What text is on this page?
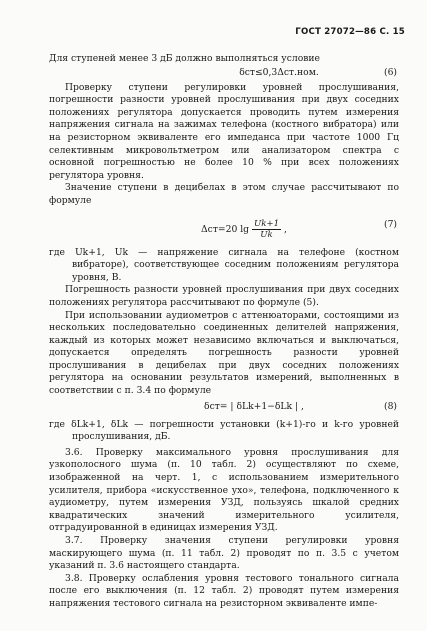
ГОСТ 27072—86 С. 15

Для ступеней менее 3 дБ должно выполняться условие

δст≤0,3Δст.ном.	(6)

Проверку ступени регулировки уровней прослушивания, погрешности разности уровней прослушивания при двух соседних положениях регулятора допускается проводить путем измерения напряжения сигнала на зажимах телефона (костного вибратора) или на резисторном эквиваленте его импеданса при частоте 1000 Гц селективным микровольтметром или анализатором спектра с основной погрешностью не более 10 % при всех положениях регулятора уровня.

Значение ступени в децибелах в этом случае рассчитывают по формуле

Δст=20 $\lg \frac{Uk+1}{Uk}$ ,	(7)

где Uk+1, Uk — напряжение сигнала на телефоне (костном вибраторе), соответствующее соседним положениям регулятора уровня, В.

Погрешность разности уровней прослушивания при двух соседних положениях регулятора рассчитывают по формуле (5).

При использовании аудиометров с аттенюаторами, состоящими из нескольких последовательно соединенных делителей напряжения, каждый из которых может независимо включаться и выключаться, допускается определять погрешность разности уровней прослушивания в децибелах при двух соседних положениях регулятора на основании результатов измерений, выполненных в соответствии с п. 3.4 по формуле

δст= | δLk+1−δLk | ,	(8)

где δLk+1, δLk — погрешности установки (k+1)-го и k-го уровней прослушивания, дБ.

3.6. Проверку максимального уровня прослушивания для узкополосного шума (п. 10 табл. 2) осуществляют по схеме, изображенной на черт. 1, с использованием измерительного усилителя, прибора «искусственное ухо», телефона, подключенного к аудиометру, путем измерения УЗД, пользуясь шкалой средних квадратических значений измерительного усилителя, отградуированной в единицах измерения УЗД.

3.7. Проверку значения ступени регулировки уровня маскирующего шума (п. 11 табл. 2) проводят по п. 3.5 с учетом указаний п. 3.6 настоящего стандарта.

3.8. Проверку ослабления уровня тестового тонального сигнала после его выключения (п. 12 табл. 2) проводят путем измерения напряжения тестового сигнала на резисторном эквиваленте импе-
